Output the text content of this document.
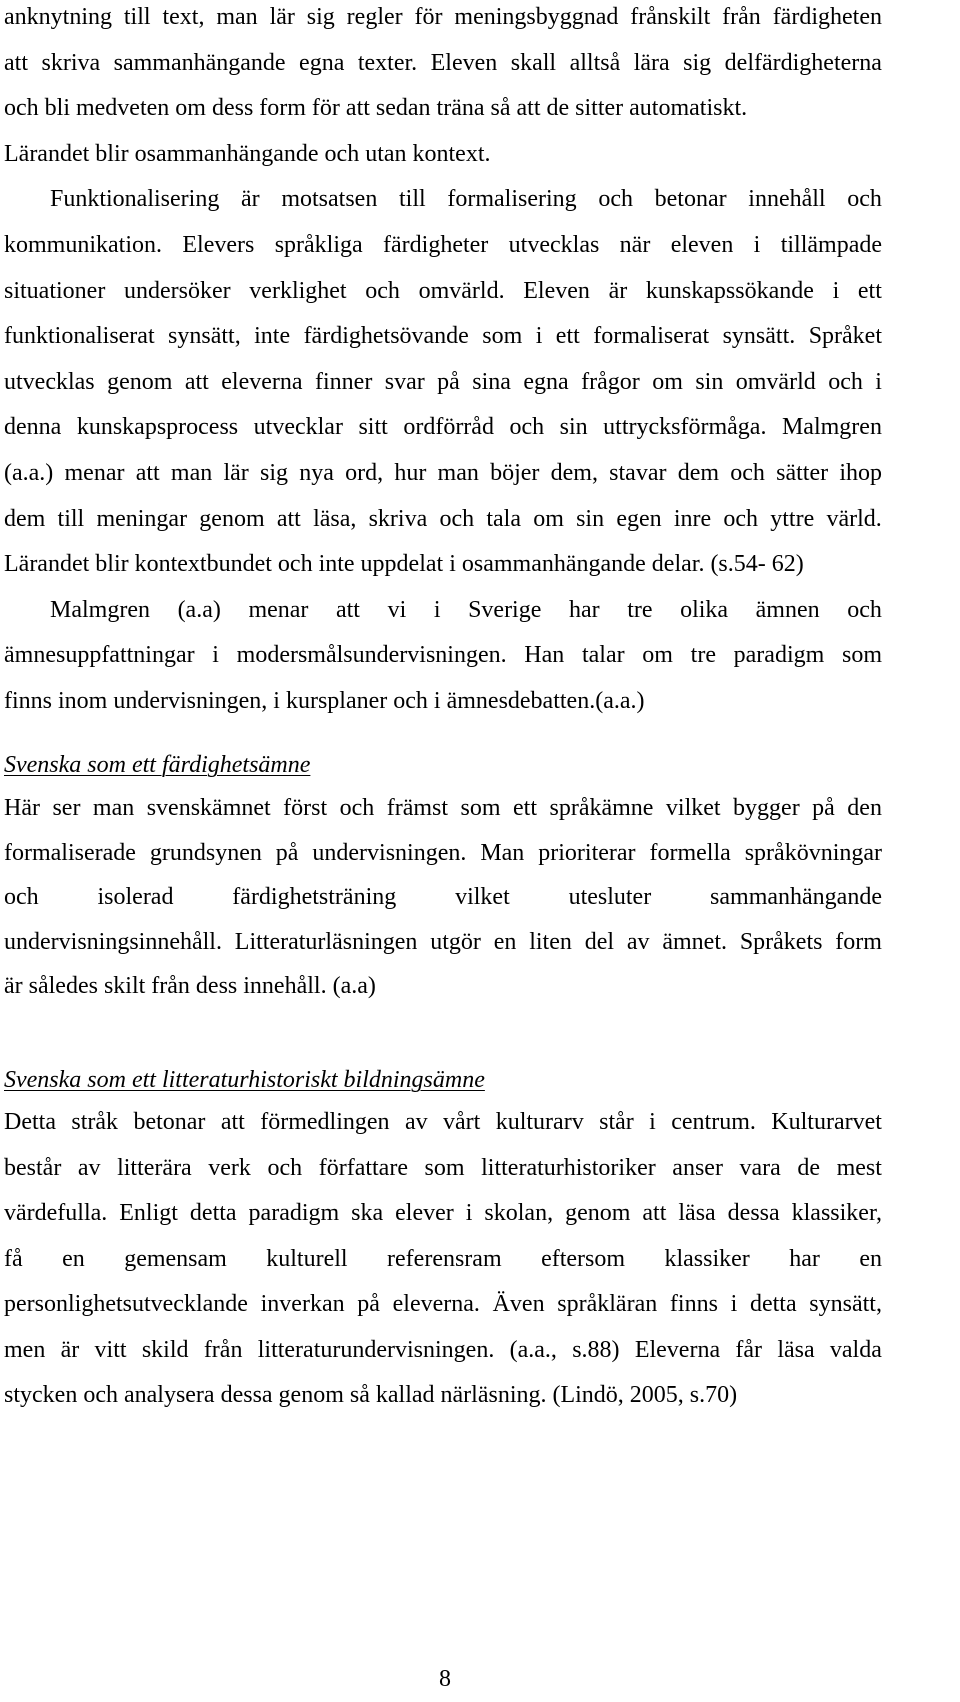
anknytning till text, man lär sig regler för meningsbyggnad frånskilt från färdigheten
att skriva sammanhängande egna texter. Eleven skall alltså lära sig delfärdigheterna
och bli medveten om dess form för att sedan träna så att de sitter automatiskt.
Lärandet blir osammanhängande och utan kontext.
Funktionalisering är motsatsen till formalisering och betonar innehåll och
kommunikation. Elevers språkliga färdigheter utvecklas när eleven i tillämpade
situationer undersöker verklighet och omvärld. Eleven är kunskapssökande i ett
funktionaliserat synsätt, inte färdighetsövande som i ett formaliserat synsätt. Språket
utvecklas genom att eleverna finner svar på sina egna frågor om sin omvärld och i
denna kunskapsprocess utvecklar sitt ordförråd och sin uttrycksförmåga. Malmgren
(a.a.) menar att man lär sig nya ord, hur man böjer dem, stavar dem och sätter ihop
dem till meningar genom att läsa, skriva och tala om sin egen inre och yttre värld.
Lärandet blir kontextbundet och inte uppdelat i osammanhängande delar. (s.54- 62)
Malmgren (a.a) menar att vi i Sverige har tre olika ämnen och
ämnesuppfattningar i modersmålsundervisningen. Han talar om tre paradigm som
finns inom undervisningen, i kursplaner och i ämnesdebatten.(a.a.)
Svenska som ett färdighetsämne
Här ser man svenskämnet först och främst som ett språkämne vilket bygger på den
formaliserade grundsynen på undervisningen. Man prioriterar formella språkövningar
och isolerad färdighetsträning vilket utesluter sammanhängande
undervisningsinnehåll. Litteraturläsningen utgör en liten del av ämnet. Språkets form
är således skilt från dess innehåll. (a.a)
Svenska som ett litteraturhistoriskt bildningsämne
Detta stråk betonar att förmedlingen av vårt kulturarv står i centrum. Kulturarvet
består av litterära verk och författare som litteraturhistoriker anser vara de mest
värdefulla. Enligt detta paradigm ska elever i skolan, genom att läsa dessa klassiker,
få en gemensam kulturell referensram eftersom klassiker har en
personlighetsutvecklande inverkan på eleverna. Även språkläran finns i detta synsätt,
men är vitt skild från litteraturundervisningen. (a.a., s.88) Eleverna får läsa valda
stycken och analysera dessa genom så kallad närläsning. (Lindö, 2005, s.70)
8
